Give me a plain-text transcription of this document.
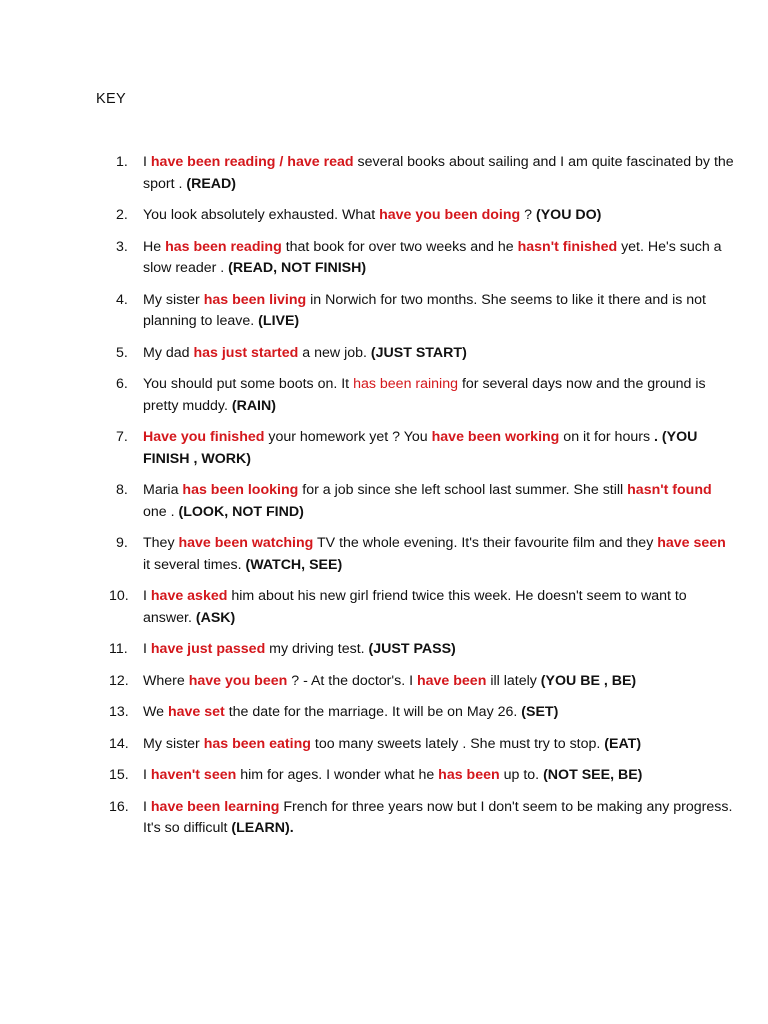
KEY
1. I have been reading / have read several books about sailing and I am quite fascinated by the sport . (READ)
2. You look absolutely exhausted. What have you been doing ? (YOU DO)
3. He has been reading that book for over two weeks and he hasn't finished yet. He's such a slow reader . (READ, NOT FINISH)
4. My sister has been living in Norwich for two months. She seems to like it there and is not planning to leave. (LIVE)
5. My dad has just started a new job. (JUST START)
6. You should put some boots on. It has been raining for several days now and the ground is pretty muddy. (RAIN)
7. Have you finished your homework yet ? You have been working on it for hours . (YOU FINISH , WORK)
8. Maria has been looking for a job since she left school last summer. She still hasn't found one . (LOOK, NOT FIND)
9. They have been watching TV the whole evening. It's their favourite film and they have seen it several times. (WATCH, SEE)
10. I have asked him about his new girl friend twice this week. He doesn't seem to want to answer. (ASK)
11. I have just passed my driving test. (JUST PASS)
12. Where have you been ? - At the doctor's. I have been ill lately (YOU BE , BE)
13. We have set the date for the marriage. It will be on May 26. (SET)
14. My sister has been eating too many sweets lately . She must try to stop. (EAT)
15. I haven't seen him for ages. I wonder what he has been up to. (NOT SEE, BE)
16. I have been learning French for three years now but I don't seem to be making any progress. It's so difficult (LEARN).
